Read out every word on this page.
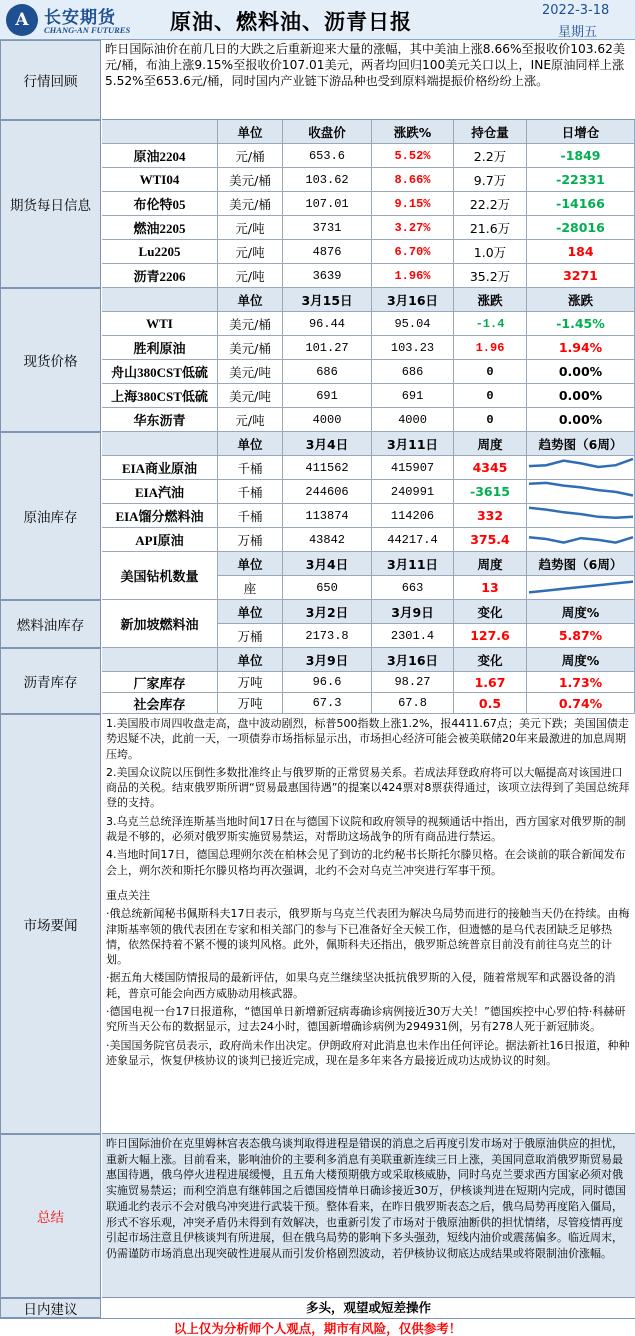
A 长安期货
CHANG-AN FUTURES 原油、燃料油、沥青日报	2022-3-18
星期五
行情回顾
昨日国际油价在前几日的大跌之后重新迎来大量的涨幅，其中美油上涨8.66%至报收价103.62美元/桶，布油上涨9.15%至报收价107.01美元，两者均回归100美元关口以上，INE原油同样上涨5.52%至653.6元/桶，同时国内产业链下游品种也受到原料端提振价格纷纷上涨。
期货每日信息
单位	收盘价	涨跌%	持仓量	日增仓
原油2204	元/桶	653.6	5.52%	2.2万	-1849
WTI04	美元/桶	103.62	8.66%	9.7万	-22331
布伦特05	美元/桶	107.01	9.15%	22.2万	-14166
燃油2205	元/吨	3731	3.27%	21.6万	-28016
Lu2205	元/吨	4876	6.70%	1.0万	184
沥青2206	元/吨	3639	1.96%	35.2万	3271
现货价格
单位	3月15日	3月16日	涨跌	涨跌
WTI	美元/桶	96.44	95.04	-1.4	-1.45%
胜利原油	美元/桶	101.27	103.23	1.96	1.94%
舟山380CST低硫	美元/吨	686	686	0	0.00%
上海380CST低硫	美元/吨	691	691	0	0.00%
华东沥青	元/吨	4000	4000	0	0.00%
原油库存
单位	3月4日	3月11日	周度	趋势图（6周）
EIA商业原油	千桶	411562	415907	4345
EIA汽油	千桶	244606	240991	-3615
EIA馏分燃料油	千桶	113874	114206	332
API原油	万桶	43842	44217.4	375.4
美国钻机数量
单位	3月4日	3月11日	周度	趋势图（6周）
座	650	663	13
燃料油库存	新加坡燃料油
单位	3月2日	3月9日	变化	周度%
万桶	2173.8	2301.4	127.6	5.87%
沥青库存
单位	3月9日	3月16日	变化	周度%
厂家库存	万吨	96.6	98.27	1.67	1.73%
社会库存	万吨	67.3	67.8	0.5	0.74%
市场要闻

1.美国股市周四收盘走高，盘中波动剧烈，标普500指数上涨1.2%，报4411.67点；美元下跌；美国国债走势迟疑不决，此前一天，一项债券市场指标显示出，市场担心经济可能会被美联储20年来最激进的加息周期压垮。

2.美国众议院以压倒性多数批准终止与俄罗斯的正常贸易关系。若成法拜登政府将可以大幅提高对该国进口商品的关税。结束俄罗斯所谓“贸易最惠国待遇”的提案以424票对8票获得通过，该项立法得到了美国总统拜登的支持。

3.乌克兰总统泽连斯基当地时间17日在与德国下议院和政府领导的视频通话中指出，西方国家对俄罗斯的制裁是不够的，必须对俄罗斯实施贸易禁运，对帮助这场战争的所有商品进行禁运。

4.当地时间17日，德国总理朔尔茨在柏林会见了到访的北约秘书长斯托尔滕贝格。在会谈前的联合新闻发布会上，朔尔茨和斯托尔滕贝格均再次强调，北约不会对乌克兰冲突进行军事干预。

重点关注

·俄总统新闻秘书佩斯科夫17日表示，俄罗斯与乌克兰代表团为解决乌局势而进行的接触当天仍在持续。由梅津斯基率领的俄代表团在专家和相关部门的参与下已准备好全天候工作，但遗憾的是乌代表团缺乏足够热情，依然保持着不紧不慢的谈判风格。此外，佩斯科夫还指出，俄罗斯总统普京目前没有前往乌克兰的计划。

·据五角大楼国防情报局的最新评估，如果乌克兰继续坚决抵抗俄罗斯的入侵，随着常规军和武器设备的消耗，普京可能会向西方威胁动用核武器。

·德国电视一台17日报道称，“德国单日新增新冠病毒确诊病例接近30万大关！”德国疾控中心罗伯特·科赫研究所当天公布的数据显示，过去24小时，德国新增确诊病例为294931例，另有278人死于新冠肺炎。

·美国国务院官员表示，政府尚未作出决定。伊朗政府对此消息也未作出任何评论。据法新社16日报道，种种迹象显示，恢复伊核协议的谈判已接近完成，现在是多年来各方最接近成功达成协议的时刻。

总结
昨日国际油价在克里姆林宫表态俄乌谈判取得进程是错误的消息之后再度引发市场对于俄原油供应的担忧，重新大幅上涨。目前看来，影响油价的主要利多消息有美联重新连续三日上涨，美国同意取消俄罗斯贸易最惠国待遇，俄乌停火进程进展缓慢，且五角大楼预期俄方或采取核威胁，同时乌克兰要求西方国家必须对俄实施贸易禁运；而利空消息有继韩国之后德国疫情单日确诊接近30万，伊核谈判进在短期内完成，同时德国联通北约表示不会对俄乌冲突进行武装干预。整体看来，在昨日俄罗斯表态之后，俄乌局势再度陷入僵局，形式不容乐观，冲突矛盾仍未得到有效解决，也重新引发了市场对于俄原油断供的担忧情绪，尽管疫情再度引起市场注意且伊核谈判有所进展，但在俄乌局势的影响下多头强劲，短线内油价或震荡偏多。临近周末，仍需谨防市场消息出现突破性进展从而引发价格剧烈波动，若伊核协议彻底达成结果或将限制油价涨幅。
日内建议	多头，观望或短差操作
以上仅为分析师个人观点，期市有风险，仅供参考！
